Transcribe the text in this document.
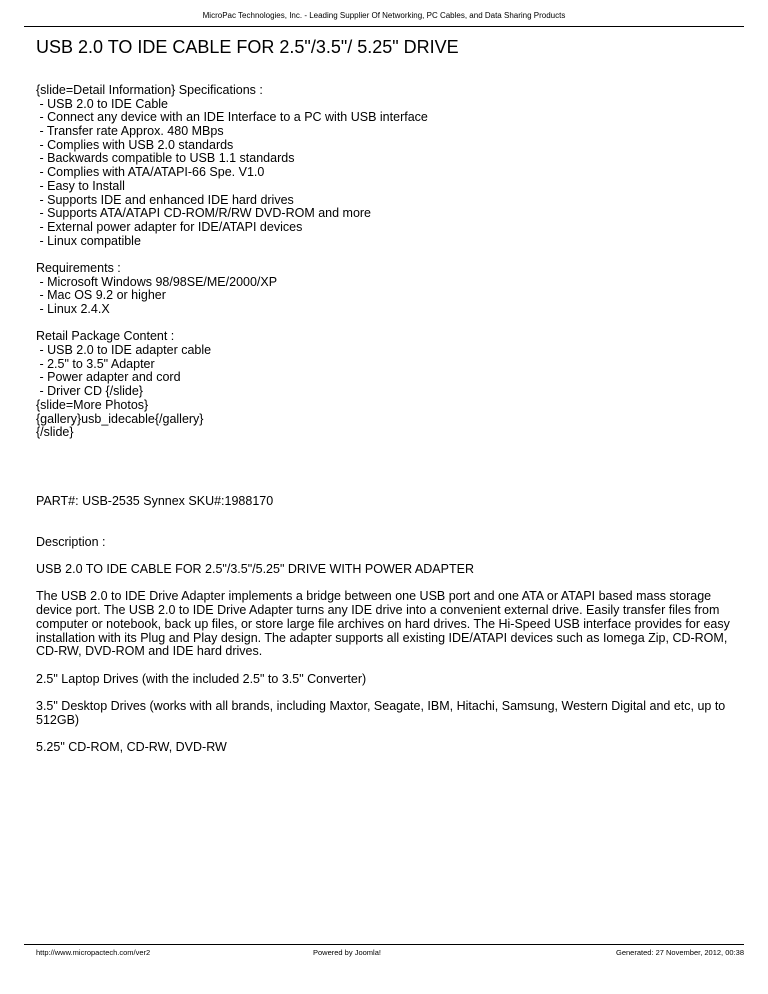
MicroPac Technologies, Inc. - Leading Supplier Of Networking, PC Cables, and Data Sharing Products
USB 2.0 TO IDE CABLE FOR 2.5"/3.5"/ 5.25" DRIVE
{slide=Detail Information} Specifications :
- USB 2.0 to IDE Cable
- Connect any device with an IDE Interface to a PC with USB interface
- Transfer rate Approx. 480 MBps
- Complies with USB 2.0 standards
- Backwards compatible to USB 1.1 standards
- Complies with ATA/ATAPI-66 Spe. V1.0
- Easy to Install
- Supports IDE and enhanced IDE hard drives
- Supports ATA/ATAPI CD-ROM/R/RW DVD-ROM and more
- External power adapter for IDE/ATAPI devices
- Linux compatible
Requirements :
- Microsoft Windows 98/98SE/ME/2000/XP
- Mac OS 9.2 or higher
- Linux 2.4.X
Retail Package Content :
- USB 2.0 to IDE adapter cable
- 2.5" to 3.5" Adapter
- Power adapter and cord
- Driver CD {/slide}
{slide=More Photos}
{gallery}usb_idecable{/gallery}
{/slide}
PART#: USB-2535 Synnex SKU#:1988170
Description :
USB 2.0 TO IDE CABLE FOR 2.5"/3.5"/5.25" DRIVE WITH POWER ADAPTER

The USB 2.0 to IDE Drive Adapter implements a bridge between one USB port and one ATA or ATAPI based mass storage device port. The USB 2.0 to IDE Drive Adapter turns any IDE drive into a convenient external drive. Easily transfer files from computer or notebook, back up files, or store large file archives on hard drives. The Hi-Speed USB interface provides for easy installation with its Plug and Play design. The adapter supports all existing IDE/ATAPI devices such as Iomega Zip, CD-ROM, CD-RW, DVD-ROM and IDE hard drives.

2.5" Laptop Drives (with the included 2.5" to 3.5" Converter)

3.5" Desktop Drives (works with all brands, including Maxtor, Seagate, IBM, Hitachi, Samsung, Western Digital and etc, up to 512GB)

5.25" CD-ROM, CD-RW, DVD-RW

http://www.micropactech.com/ver2	Powered by Joomla!	Generated: 27 November, 2012, 00:38
